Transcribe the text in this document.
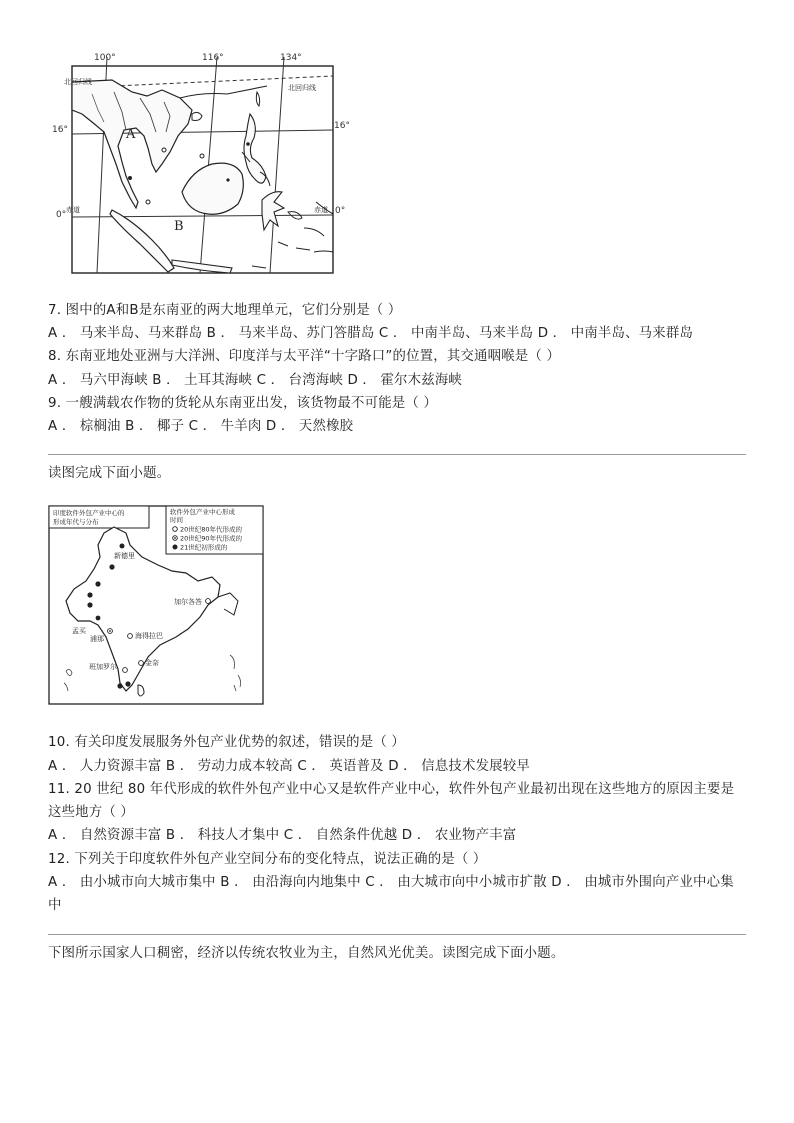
100°	116°	134°
16°
0°
16°
0°
北回归线
北回归线
赤道	赤道
A
B
7. 图中的A和B是东南亚的两大地理单元，它们分别是（ ）
A ． 马来半岛、马来群岛 B ． 马来半岛、苏门答腊岛 C ． 中南半岛、马来半岛 D ． 中南半岛、马来群岛
8. 东南亚地处亚洲与大洋洲、印度洋与太平洋“十字路口”的位置，其交通咽喉是（ ）
A ． 马六甲海峡 B ． 土耳其海峡 C ． 台湾海峡 D ． 霍尔木兹海峡
9. 一艘满载农作物的货轮从东南亚出发，该货物最不可能是（ ）
A ． 棕榈油 B ． 椰子 C ． 牛羊肉 D ． 天然橡胶
读图完成下面小题。
印度软件外包产业中心的
形成年代与分布
软件外包产业中心形成
时间
20世纪80年代形成的
20世纪90年代形成的
21世纪初形成的
新德里
加尔各答
孟买
浦那	海得拉巴
班加罗尔	金奈
10. 有关印度发展服务外包产业优势的叙述，错误的是（ ）
A ． 人力资源丰富 B ． 劳动力成本较高 C ． 英语普及 D ． 信息技术发展较早
11. 20 世纪 80 年代形成的软件外包产业中心又是软件产业中心，软件外包产业最初出现在这些地方的原因主要是
这些地方（ ）
A ． 自然资源丰富 B ． 科技人才集中 C ． 自然条件优越 D ． 农业物产丰富
12. 下列关于印度软件外包产业空间分布的变化特点，说法正确的是（ ）
A ． 由小城市向大城市集中 B ． 由沿海向内地集中 C ． 由大城市向中小城市扩散 D ． 由城市外围向产业中心集
中
下图所示国家人口稠密，经济以传统农牧业为主，自然风光优美。读图完成下面小题。
